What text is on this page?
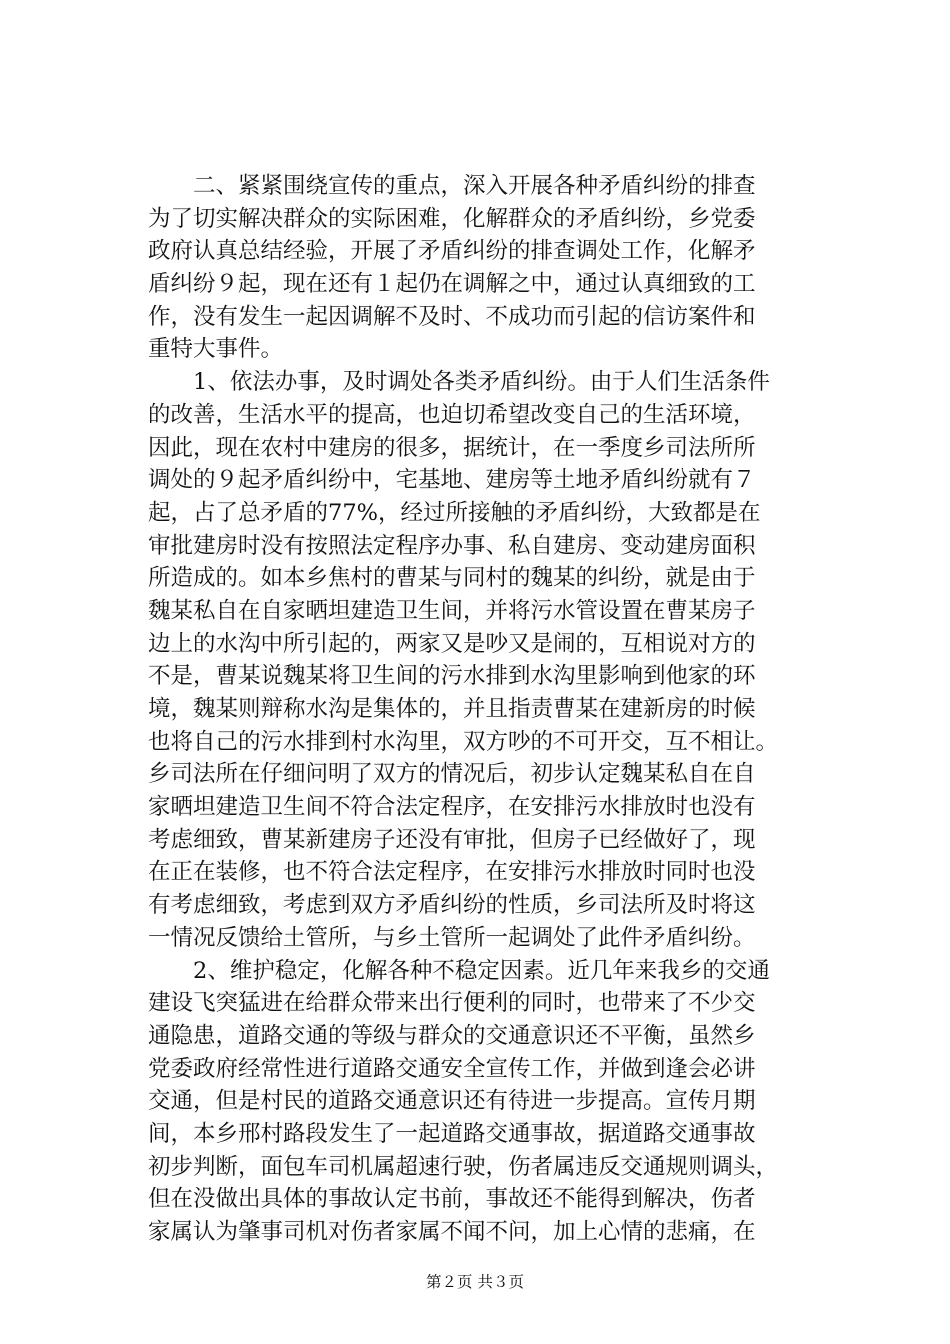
　　二、紧紧围绕宣传的重点，深入开展各种矛盾纠纷的排查
为了切实解决群众的实际困难，化解群众的矛盾纠纷，乡党委
政府认真总结经验，开展了矛盾纠纷的排查调处工作，化解矛
盾纠纷９起，现在还有１起仍在调解之中，通过认真细致的工
作，没有发生一起因调解不及时、不成功而引起的信访案件和
重特大事件。
　　1、依法办事，及时调处各类矛盾纠纷。由于人们生活条件
的改善，生活水平的提高，也迫切希望改变自己的生活环境，
因此，现在农村中建房的很多，据统计，在一季度乡司法所所
调处的９起矛盾纠纷中，宅基地、建房等土地矛盾纠纷就有７
起，占了总矛盾的77%，经过所接触的矛盾纠纷，大致都是在
审批建房时没有按照法定程序办事、私自建房、变动建房面积
所造成的。如本乡焦村的曹某与同村的魏某的纠纷，就是由于
魏某私自在自家晒坦建造卫生间，并将污水管设置在曹某房子
边上的水沟中所引起的，两家又是吵又是闹的，互相说对方的
不是，曹某说魏某将卫生间的污水排到水沟里影响到他家的环
境，魏某则辩称水沟是集体的，并且指责曹某在建新房的时候
也将自己的污水排到村水沟里，双方吵的不可开交，互不相让。
乡司法所在仔细问明了双方的情况后，初步认定魏某私自在自
家晒坦建造卫生间不符合法定程序，在安排污水排放时也没有
考虑细致，曹某新建房子还没有审批，但房子已经做好了，现
在正在装修，也不符合法定程序，在安排污水排放时同时也没
有考虑细致，考虑到双方矛盾纠纷的性质，乡司法所及时将这
一情况反馈给土管所，与乡土管所一起调处了此件矛盾纠纷。
　　2、维护稳定，化解各种不稳定因素。近几年来我乡的交通
建设飞突猛进在给群众带来出行便利的同时，也带来了不少交
通隐患，道路交通的等级与群众的交通意识还不平衡，虽然乡
党委政府经常性进行道路交通安全宣传工作，并做到逢会必讲
交通，但是村民的道路交通意识还有待进一步提高。宣传月期
间，本乡邢村路段发生了一起道路交通事故，据道路交通事故
初步判断，面包车司机属超速行驶，伤者属违反交通规则调头，
但在没做出具体的事故认定书前，事故还不能得到解决，伤者
家属认为肇事司机对伤者家属不闻不问，加上心情的悲痛，在
第２页 共３页
